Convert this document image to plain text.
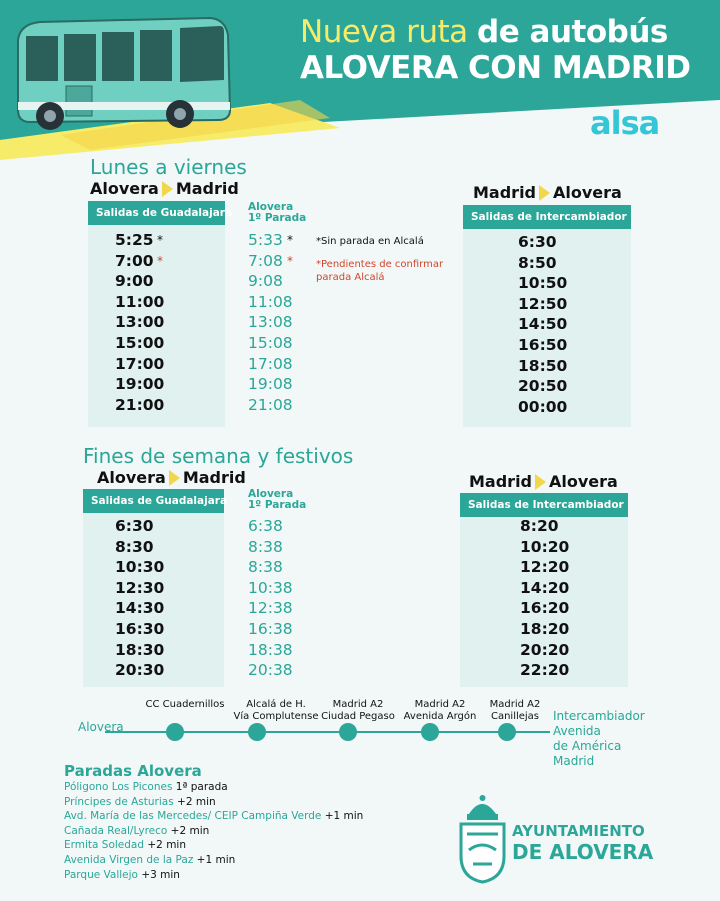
Nueva ruta de autobús
ALOVERA CON MADRID
alsa
Lunes a viernes
Alovera Madrid
Salidas de Guadalajara
5:25
7:00
9:00
11:00
13:00
15:00
17:00
19:00
21:00
Alovera
1º Parada
5:33
7:08
9:08
11:08
13:08
15:08
17:08
19:08
21:08
*
*
*
*
*Sin parada en Alcalá
*Pendientes de confirmar
parada Alcalá
Madrid Alovera
Salidas de Intercambiador
6:30
8:50
10:50
12:50
14:50
16:50
18:50
20:50
00:00
Fines de semana y festivos
Alovera Madrid
Salidas de Guadalajara
6:30
8:30
10:30
12:30
14:30
16:30
18:30
20:30
Alovera
1º Parada
6:38
8:38
8:38
10:38
12:38
16:38
18:38
20:38
Madrid Alovera
Salidas de Intercambiador
8:20
10:20
12:20
14:20
16:20
18:20
20:20
22:20
Alovera
CC Cuadernillos	Alcalá de H.
Vía Complutense
Madrid A2
Ciudad Pegaso
Madrid A2
Avenida Argón
Madrid A2
Canillejas	Intercambiador
Avenida
de América
Madrid
Paradas Alovera
Póligono Los Picones 1ª parada
Príncipes de Asturias +2 min
Avd. María de las Mercedes/ CEIP Campiña Verde +1 min
Cañada Real/Lyreco +2 min
Ermita Soledad +2 min
Avenida Virgen de la Paz +1 min
Parque Vallejo +3 min
AYUNTAMIENTO
DE ALOVERA
